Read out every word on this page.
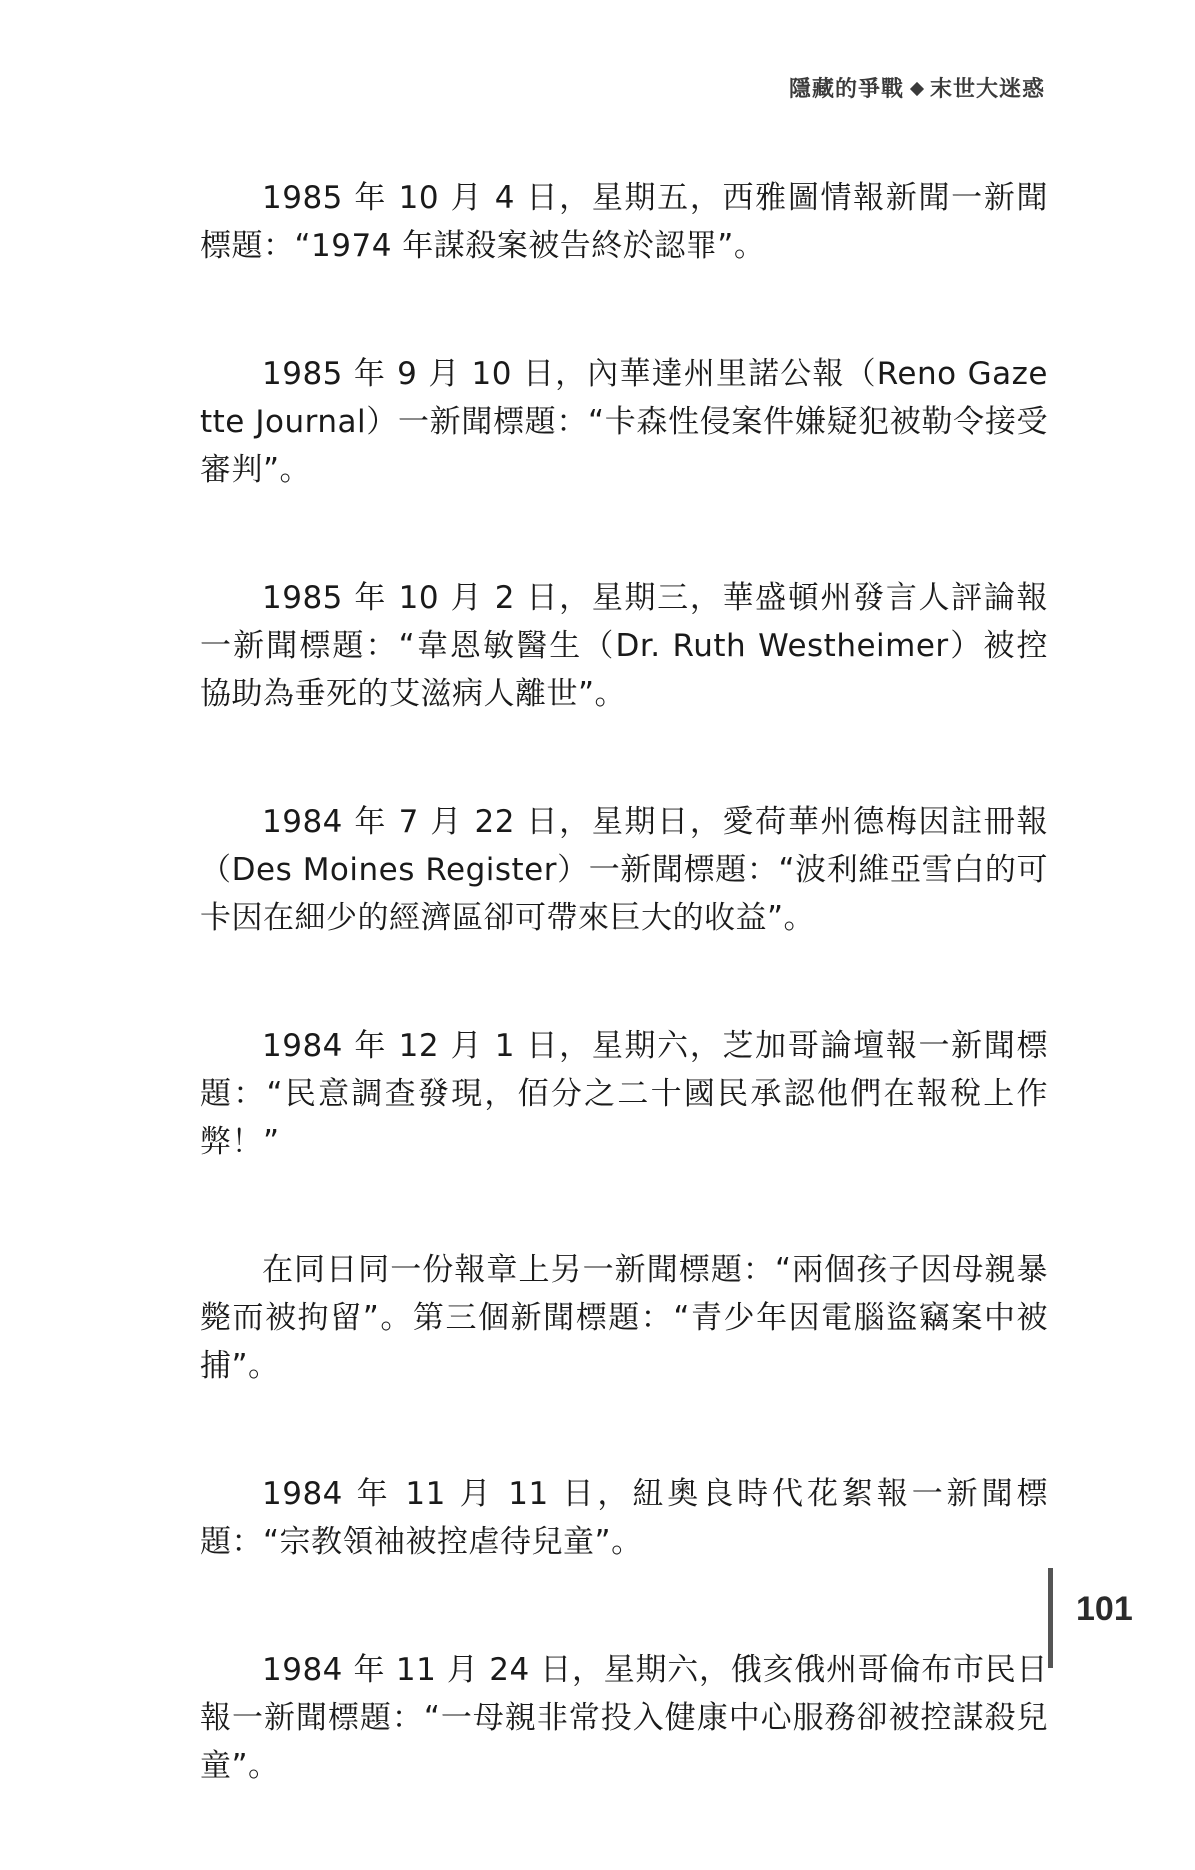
隱藏的爭戰 末世大迷惑

1985 年 10 月 4 日，星期五，西雅圖情報新聞一新聞標題：“1974 年謀殺案被告終於認罪”。

1985 年 9 月 10 日，內華達州里諾公報（Reno Gazette Journal）一新聞標題：“卡森性侵案件嫌疑犯被勒令接受審判”。

1985 年 10 月 2 日，星期三，華盛頓州發言人評論報一新聞標題：“韋恩敏醫生（Dr. Ruth Westheimer）被控協助為垂死的艾滋病人離世”。

1984 年 7 月 22 日，星期日，愛荷華州德梅因註冊報（Des Moines Register）一新聞標題：“波利維亞雪白的可卡因在細少的經濟區卻可帶來巨大的收益”。

1984 年 12 月 1 日，星期六，芝加哥論壇報一新聞標題：“民意調查發現，佰分之二十國民承認他們在報稅上作弊！”

在同日同一份報章上另一新聞標題：“兩個孩子因母親暴斃而被拘留”。第三個新聞標題：“青少年因電腦盜竊案中被捕”。

1984 年 11 月 11 日，紐奧良時代花絮報一新聞標題：“宗教領袖被控虐待兒童”。

1984 年 11 月 24 日，星期六，俄亥俄州哥倫布市民日報一新聞標題：“一母親非常投入健康中心服務卻被控謀殺兒童”。

101
